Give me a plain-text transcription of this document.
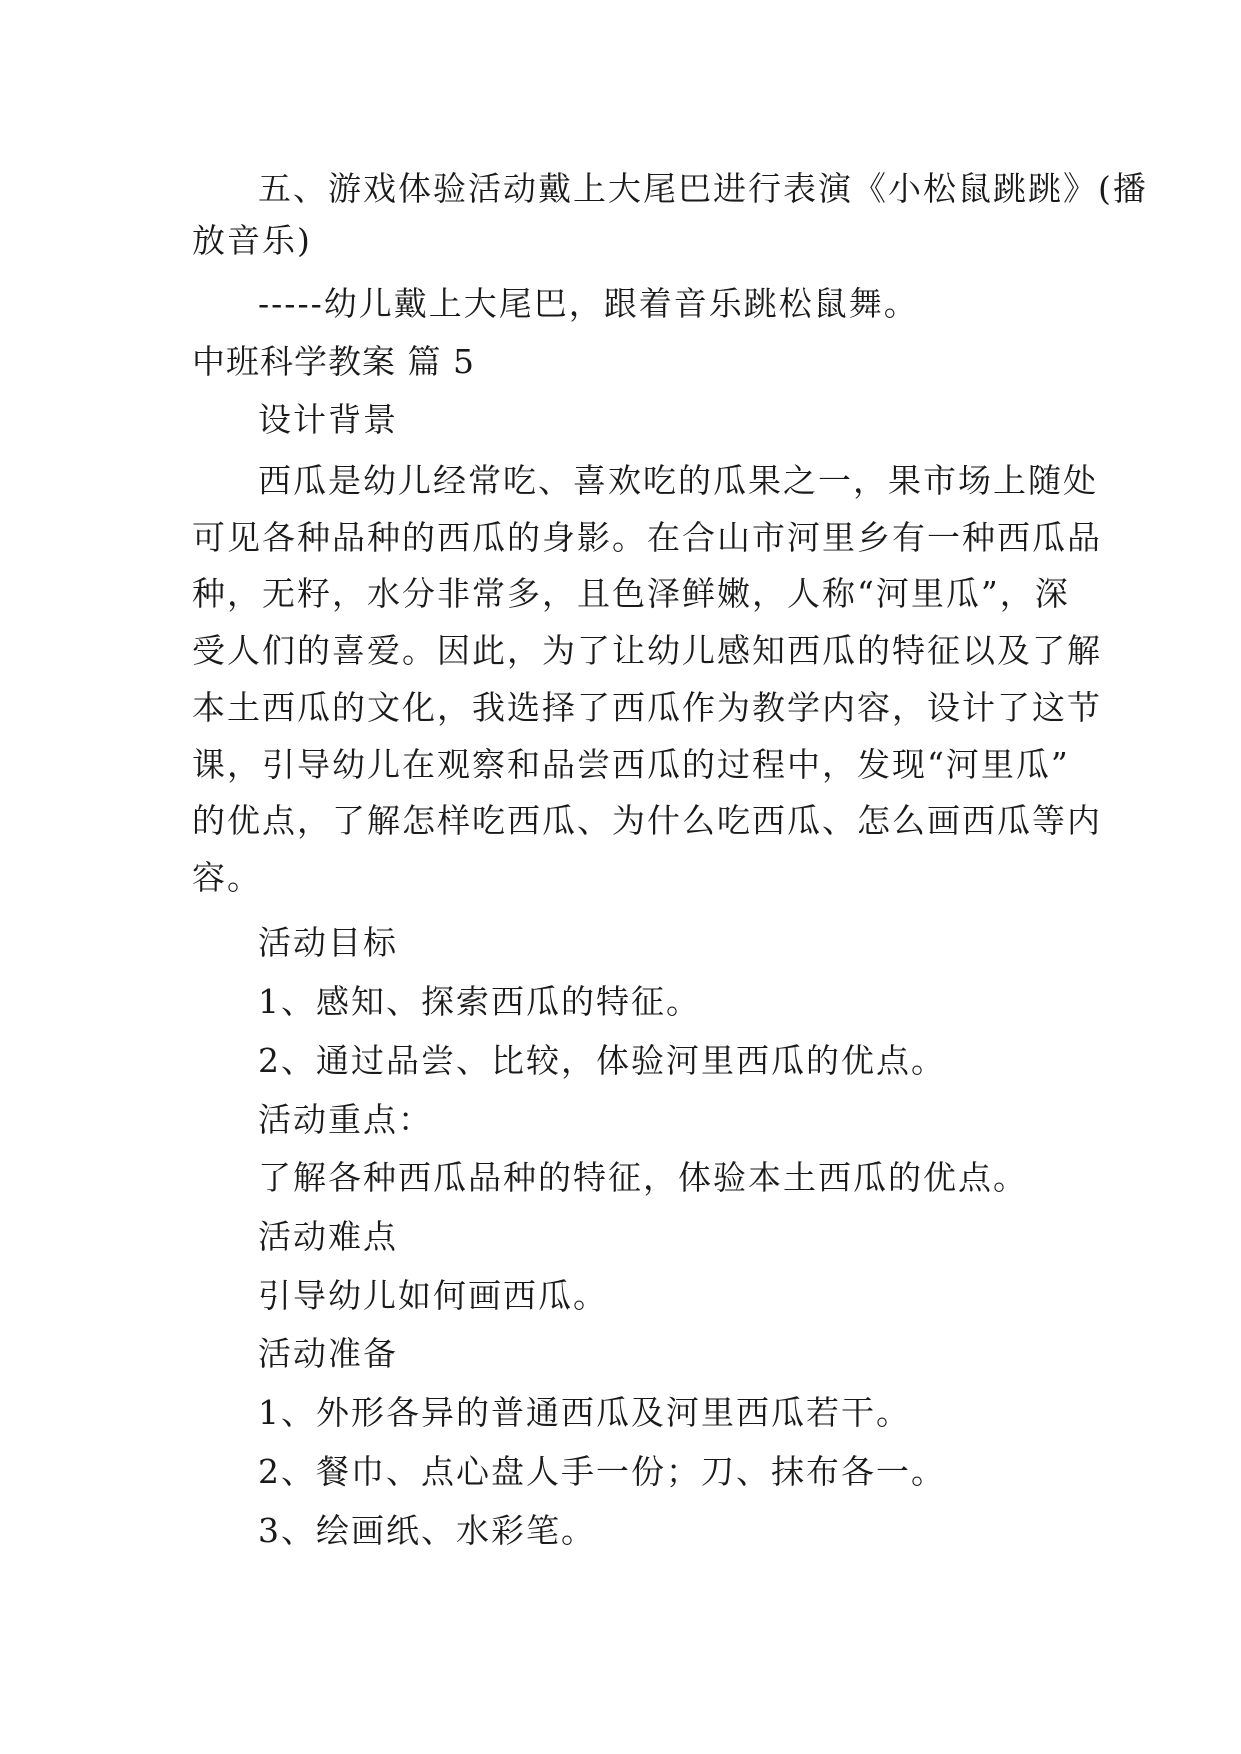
五、游戏体验活动戴上大尾巴进行表演《小松鼠跳跳》(播
放音乐)
-----幼儿戴上大尾巴，跟着音乐跳松鼠舞。
中班科学教案 篇 5
设计背景
西瓜是幼儿经常吃、喜欢吃的瓜果之一，果市场上随处
可见各种品种的西瓜的身影。在合山市河里乡有一种西瓜品
种，无籽，水分非常多，且色泽鲜嫩，人称“河里瓜”，深
受人们的喜爱。因此，为了让幼儿感知西瓜的特征以及了解
本土西瓜的文化，我选择了西瓜作为教学内容，设计了这节
课，引导幼儿在观察和品尝西瓜的过程中，发现“河里瓜”
的优点，了解怎样吃西瓜、为什么吃西瓜、怎么画西瓜等内
容。
活动目标
1、感知、探索西瓜的特征。
2、通过品尝、比较，体验河里西瓜的优点。
活动重点：
了解各种西瓜品种的特征，体验本土西瓜的优点。
活动难点
引导幼儿如何画西瓜。
活动准备
1、外形各异的普通西瓜及河里西瓜若干。
2、餐巾、点心盘人手一份；刀、抹布各一。
3、绘画纸、水彩笔。
